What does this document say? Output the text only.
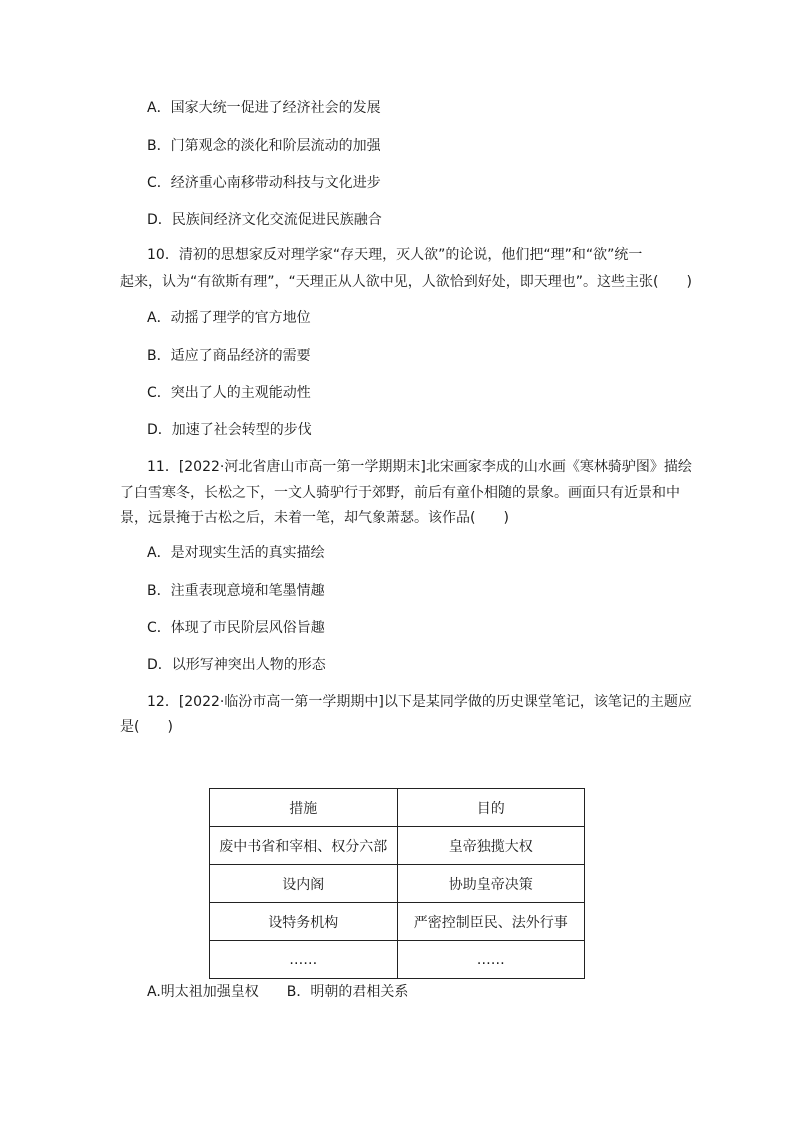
A．国家大统一促进了经济社会的发展
B．门第观念的淡化和阶层流动的加强
C．经济重心南移带动科技与文化进步
D．民族间经济文化交流促进民族融合
10．清初的思想家反对理学家“存天理，灭人欲”的论说，他们把“理”和“欲”统一
起来，认为“有欲斯有理”，“天理正从人欲中见，人欲恰到好处，即天理也”。这些主张(　　)
A．动摇了理学的官方地位
B．适应了商品经济的需要
C．突出了人的主观能动性
D．加速了社会转型的步伐
11．[2022·河北省唐山市高一第一学期期末]北宋画家李成的山水画《寒林骑驴图》描绘
了白雪寒冬，长松之下，一文人骑驴行于郊野，前后有童仆相随的景象。画面只有近景和中
景，远景掩于古松之后，未着一笔，却气象萧瑟。该作品(　　)
A．是对现实生活的真实描绘
B．注重表现意境和笔墨情趣
C．体现了市民阶层风俗旨趣
D．以形写神突出人物的形态
12．[2022·临汾市高一第一学期期中]以下是某同学做的历史课堂笔记，该笔记的主题应
是(　　)
措施	目的
废中书省和宰相、权分六部	皇帝独揽大权
设内阁	协助皇帝决策
设特务机构	严密控制臣民、法外行事
……	……
A.明太祖加强皇权　　B．明朝的君相关系
